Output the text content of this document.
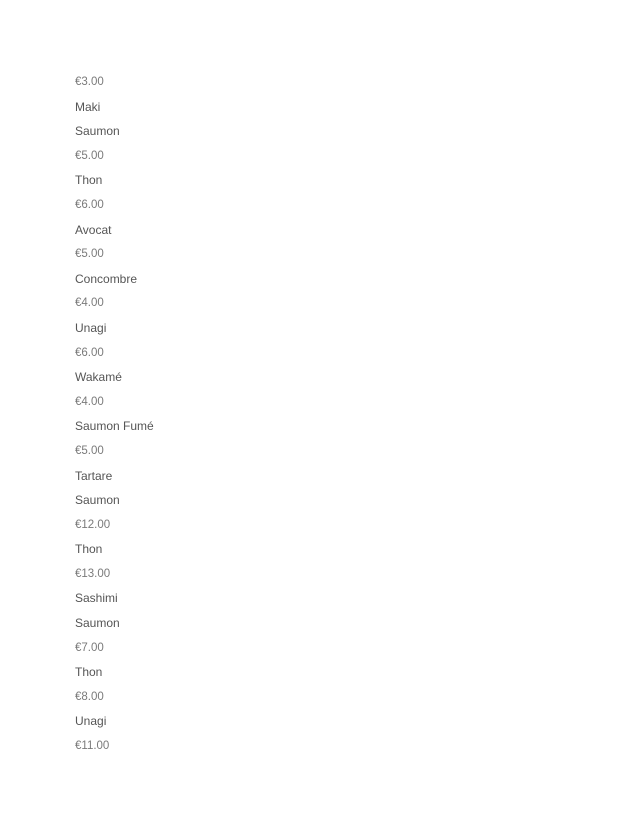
€3.00
Maki
Saumon
€5.00
Thon
€6.00
Avocat
€5.00
Concombre
€4.00
Unagi
€6.00
Wakamé
€4.00
Saumon Fumé
€5.00
Tartare
Saumon
€12.00
Thon
€13.00
Sashimi
Saumon
€7.00
Thon
€8.00
Unagi
€11.00
